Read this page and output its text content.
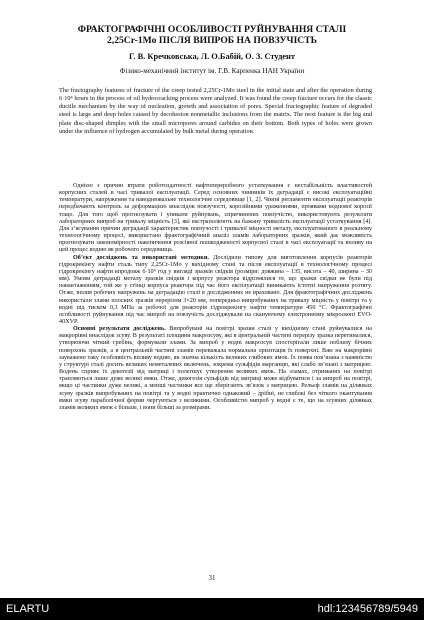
ФРАКТОГРАФІЧНІ ОСОБЛИВОСТІ РУЙНУВАННЯ СТАЛІ 2,25Cr-1Mo ПІСЛЯ ВИПРОБ НА ПОВЗУЧІСТЬ
Г. В. Кречковська, Л. О.Бабій, О. З. Студент
Фізико-механічний інститут ім. Г.В. Карпенка НАН України
The fractography features of fracture of the creep tested 2,25Cr-1Mo steel in the initial state and after the operation during 6·10⁴ hours in the process of oil hydrocracking process were analyzed. It was found the creep fracture occurs for the classic ductile mechanism by the way of nucleation, growth and association of pores. Special fractographic feature of degraded steel is large and deep holes caused by decohesion nonmetallic inclusions from the matrix. The next feature is the big and plate disc-shaped dimples with the small micropores around carbides on their bottom. Both types of holes were grown under the influence of hydrogen accumulated by bulk metal during operation.

Однією з причин втрати роботоздатності нафтопереробного устаткування є нестабільність властивостей корпусних сталей в часі тривалої експлуатації. Серед основних чинників їх деградації є високі експлуатаційні температури, напруження та наводнювальне технологічне середовище [1, 2]. Чинні регламенти експлуатації реакторів передбачають контроль за деформацією внаслідок повзучості, корозійними ураженнями, проявами воднової корозії тощо. Для того щоб прогнозувати і уникати руйнувань, спричинених повзучістю, використовують результати лабораторних випроб на тривалу міцність [3], які екстраполюють на бажану тривалість експлуатації устаткування [4]. Для з’ясування причин деградації характеристик повзучості і тривалої міцності металу, експлуатованого в реальному технологічному процесі, використано фрактографічний аналіз зламів лабораторних зразків, який дає можливість прогнозувати закономірності накопичення розсіяної пошкодженості корпусної сталі в часі експлуатації та впливу на цей процес водню як робочого середовища.

Об’єкт досліджень та використані методики. Дослідили типову для виготовлення корпусів реакторів гідрокрекінгу нафти сталь типу 2,25Cr-1Mo у вихідному стані та після експлуатації в технологічному процесі гідрокрекінгу нафти впродовж 6·10⁴ год у вигляді зразків свідків (розміри: довжина – 135, висота – 40, ширина – 30 мм). Умови деградації металу зразків свідків і корпусу реактора відрізнялися те, що зразки свідки не були під навантаженням, той же у стінці корпуса реактора під час його експлуатації виникають істотні напруження розтягу. Отже, вплив робочих напружень на деградацію сталі в дослідженнях не враховано. Для фрактографічних досліджень використали злами плоских зразків перерізом 3×20 мм, попередньо випробуваних на тривалу міцність у повітрі та у водні під тиском 0,3 МПа за робочої для реакторів гідрокрекінгу нафти температури 450 °С. Фрактографічні особливості руйнування під час випроб на повзучість досліджували на скануючому електронному мікроскопі EVO-40XVP.

Основні результати досліджень. Випробувані на повітрі зразки сталі у вихідному стані руйнувалися на макрорівні внаслідок зсуву. В результаті площини макрозсуву, які в центральній частині перерізу зразка перетиналися, утворюючи чіткий гребінь, формували злами. За випроб у водні макрозсув спостерігали лише поблизу бічних поверхонь зразків, а в центральній частині зламів переважала нормальна орієнтація їх поверхні. Вже на макрорівні зауважено таку особливість впливу водню, як значна кількість великих глибоких ямок. Їх поява пов’язана з наявністю у структурі сталі досить великих неметалевих включень, зокрема сульфідів марганцю, які слабо зв’язані з матрицею. Водень сприяє їх декогезії від матриці і полегшує утворення великих ямок. На зламах, отриманих на повітрі трапляються лише дуже великі ямки. Отже, декогезія сульфідів від матриці може відбуватися і за випроб на повітрі, якщо ці частинки дуже великі, а менші частинки все ще зберігають зв’язок з матрицею. Рельєф зламів на ділянках зсуву зразків випробуваних на повітрі та у водні практично однаковий – дрібні, не глибокі без чіткого окантування ямки зсуву параболічної форми чергуються з великими. Особливістю випроб у водні є те, що на зсувних ділянках зламів великих ямок є більше, і вони більші за розмірами.

31
ELARTU	hdl:123456789/5949
